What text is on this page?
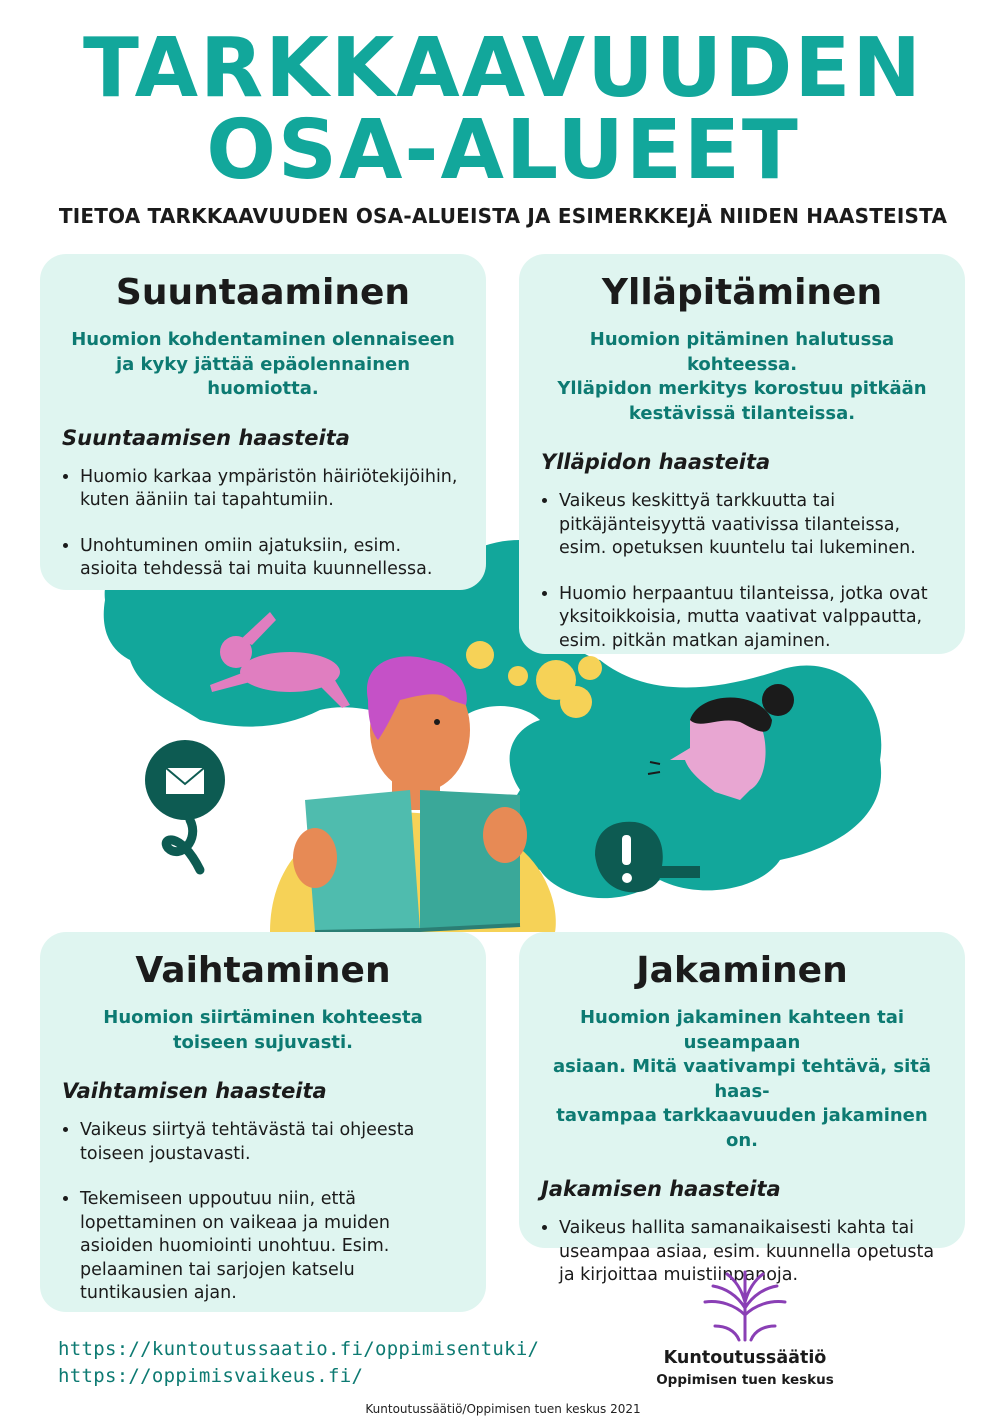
TARKKAAVUUDEN
OSA-ALUEET
TIETOA TARKKAAVUUDEN OSA-ALUEISTA JA ESIMERKKEJÄ NIIDEN HAASTEISTA
Suuntaaminen

Huomion kohdentaminen olennaiseen
ja kyky jättää epäolennainen huomiotta.

Suuntaamisen haasteita
• Huomio karkaa ympäristön häiriötekijöihin, kuten ääniin tai tapahtumiin.
• Unohtuminen omiin ajatuksiin, esim. asioita tehdessä tai muita kuunnellessa.
Ylläpitäminen

Huomion pitäminen halutussa kohteessa.
Ylläpidon merkitys korostuu pitkään
kestävissä tilanteissa.

Ylläpidon haasteita
• Vaikeus keskittyä tarkkuutta tai pitkäjänteisyyttä vaativissa tilanteissa, esim. opetuksen kuuntelu tai lukeminen.
• Huomio herpaantuu tilanteissa, jotka ovat yksitoikkoisia, mutta vaativat valppautta, esim. pitkän matkan ajaminen.
Vaihtaminen

Huomion siirtäminen kohteesta
toiseen sujuvasti.

Vaihtamisen haasteita
• Vaikeus siirtyä tehtävästä tai ohjeesta toiseen joustavasti.
• Tekemiseen uppoutuu niin, että lopettaminen on vaikeaa ja muiden asioiden huomiointi unohtuu. Esim. pelaaminen tai sarjojen katselu tuntikausien ajan.
Jakaminen

Huomion jakaminen kahteen tai useampaan
asiaan. Mitä vaativampi tehtävä, sitä haas-
tavampaa tarkkaavuuden jakaminen on.

Jakamisen haasteita
• Vaikeus hallita samanaikaisesti kahta tai useampaa asiaa, esim. kuunnella opetusta ja kirjoittaa muistiinpanoja.
https://kuntoutussaatio.fi/oppimisentuki/
https://oppimisvaikeus.fi/
Kuntoutussäätiö
Oppimisen tuen keskus
Kuntoutussäätiö/Oppimisen tuen keskus 2021
